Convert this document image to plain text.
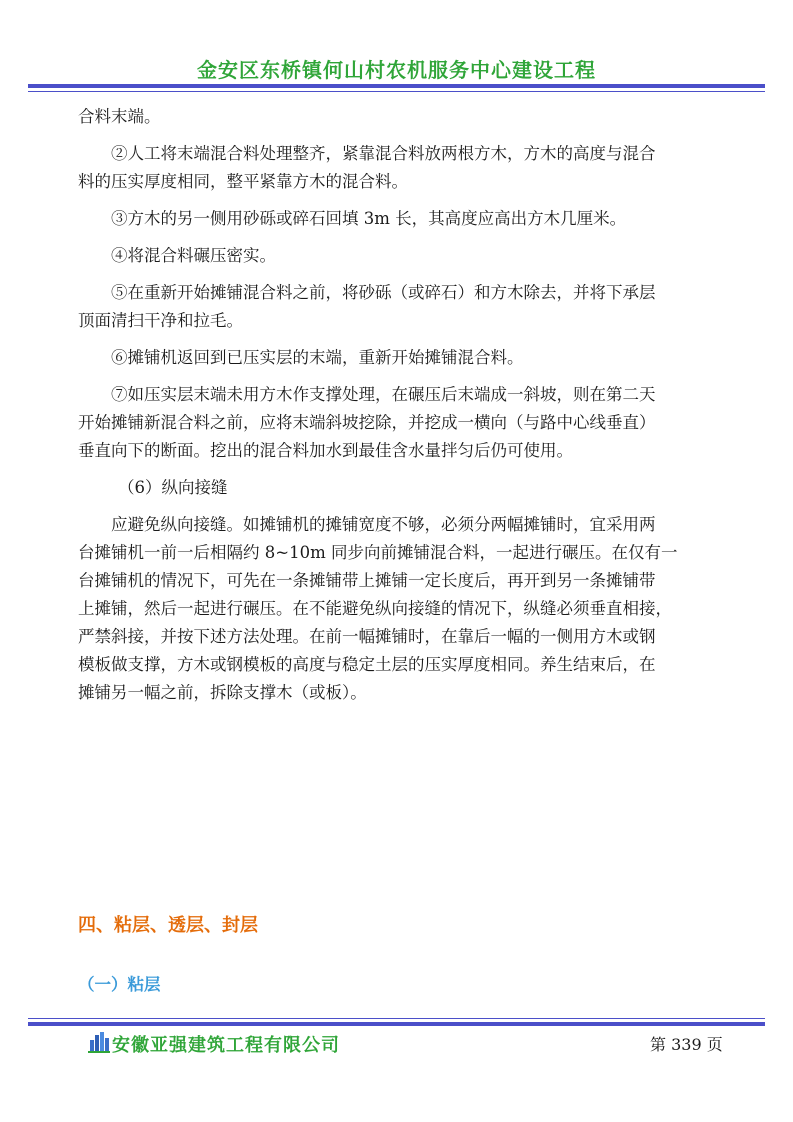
金安区东桥镇何山村农机服务中心建设工程

合料末端。

②人工将末端混合料处理整齐，紧靠混合料放两根方木，方木的高度与混合
料的压实厚度相同，整平紧靠方木的混合料。

③方木的另一侧用砂砾或碎石回填 3m 长，其高度应高出方木几厘米。

④将混合料碾压密实。

⑤在重新开始摊铺混合料之前，将砂砾（或碎石）和方木除去，并将下承层
顶面清扫干净和拉毛。

⑥摊铺机返回到已压实层的末端，重新开始摊铺混合料。

⑦如压实层末端未用方木作支撑处理，在碾压后末端成一斜坡，则在第二天
开始摊铺新混合料之前，应将末端斜坡挖除，并挖成一横向（与路中心线垂直）
垂直向下的断面。挖出的混合料加水到最佳含水量拌匀后仍可使用。

（6）纵向接缝

应避免纵向接缝。如摊铺机的摊铺宽度不够，必须分两幅摊铺时，宜采用两
台摊铺机一前一后相隔约 8~10m 同步向前摊铺混合料，一起进行碾压。在仅有一
台摊铺机的情况下，可先在一条摊铺带上摊铺一定长度后，再开到另一条摊铺带
上摊铺，然后一起进行碾压。在不能避免纵向接缝的情况下，纵缝必须垂直相接，
严禁斜接，并按下述方法处理。在前一幅摊铺时，在靠后一幅的一侧用方木或钢
模板做支撑，方木或钢模板的高度与稳定土层的压实厚度相同。养生结束后，在
摊铺另一幅之前，拆除支撑木（或板）。

四、粘层、透层、封层
（一）粘层
安徽亚强建筑工程有限公司	第 339 页
